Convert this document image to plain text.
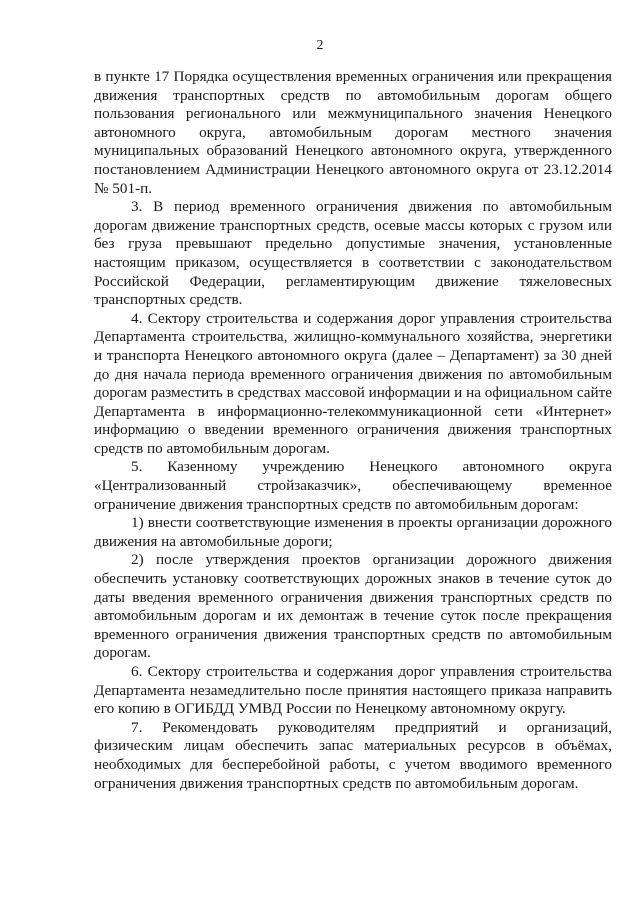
2

в пункте 17 Порядка осуществления временных ограничения или прекращения движения транспортных средств по автомобильным дорогам общего пользования регионального или межмуниципального значения Ненецкого автономного округа, автомобильным дорогам местного значения муниципальных образований Ненецкого автономного округа, утвержденного постановлением Администрации Ненецкого автономного округа от 23.12.2014 № 501-п.

3. В период временного ограничения движения по автомобильным дорогам движение транспортных средств, осевые массы которых с грузом или без груза превышают предельно допустимые значения, установленные настоящим приказом, осуществляется в соответствии с законодательством Российской Федерации, регламентирующим движение тяжеловесных транспортных средств.

4. Сектору строительства и содержания дорог управления строительства Департамента строительства, жилищно-коммунального хозяйства, энергетики и транспорта Ненецкого автономного округа (далее – Департамент) за 30 дней до дня начала периода временного ограничения движения по автомобильным дорогам разместить в средствах массовой информации и на официальном сайте Департамента в информационно-телекоммуникационной сети «Интернет» информацию о введении временного ограничения движения транспортных средств по автомобильным дорогам.

5. Казенному учреждению Ненецкого автономного округа «Централизованный стройзаказчик», обеспечивающему временное ограничение движения транспортных средств по автомобильным дорогам:

1) внести соответствующие изменения в проекты организации дорожного движения на автомобильные дороги;

2) после утверждения проектов организации дорожного движения обеспечить установку соответствующих дорожных знаков в течение суток до даты введения временного ограничения движения транспортных средств по автомобильным дорогам и их демонтаж в течение суток после прекращения временного ограничения движения транспортных средств по автомобильным дорогам.

6. Сектору строительства и содержания дорог управления строительства Департамента незамедлительно после принятия настоящего приказа направить его копию в ОГИБДД УМВД России по Ненецкому автономному округу.

7. Рекомендовать руководителям предприятий и организаций, физическим лицам обеспечить запас материальных ресурсов в объёмах, необходимых для бесперебойной работы, с учетом вводимого временного ограничения движения транспортных средств по автомобильным дорогам.
